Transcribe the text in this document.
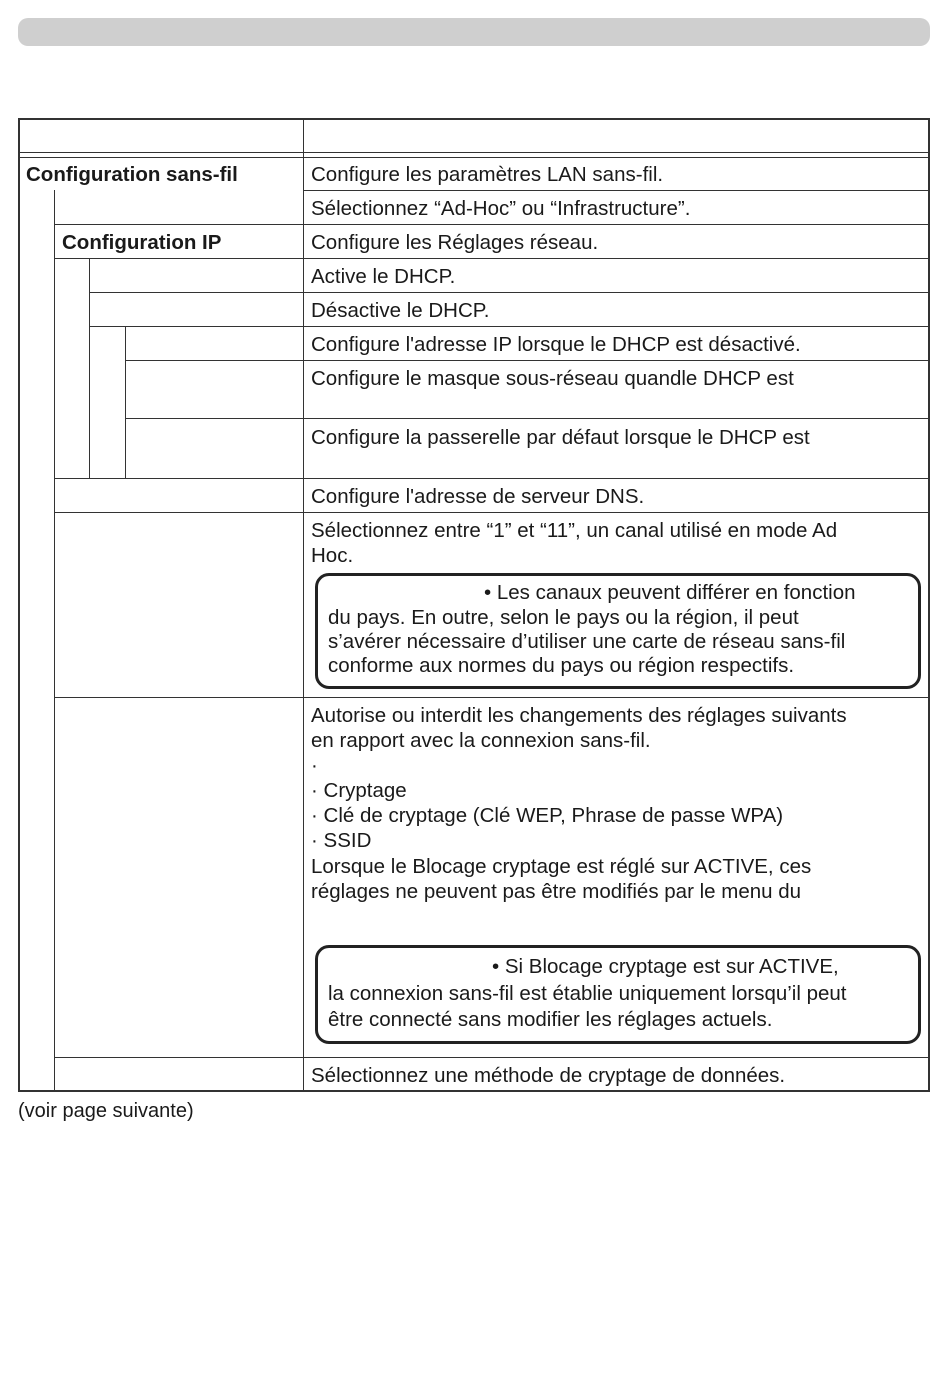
Configuration sans-fil
Configuration IP
Configure les paramètres LAN sans-fil.
Sélectionnez “Ad-Hoc” ou “Infrastructure”.
Configure les Réglages réseau.
Active le DHCP.
Désactive le DHCP.
Configure l'adresse IP lorsque le DHCP est désactivé.
Configure le masque sous-réseau quandle DHCP est
Configure la passerelle par défaut lorsque le DHCP est
Configure l'adresse de serveur DNS.
Sélectionnez entre “1” et “11”, un canal utilisé en mode Ad
Hoc.
• Les canaux peuvent différer en fonction
du pays. En outre, selon le pays ou la région, il peut
s’avérer nécessaire d’utiliser une carte de réseau sans-fil
conforme aux normes du pays ou région respectifs.
Autorise ou interdit les changements des réglages suivants
en rapport avec la connexion sans-fil.
·
· Cryptage
· Clé de cryptage (Clé WEP, Phrase de passe WPA)
· SSID
Lorsque le Blocage cryptage est réglé sur ACTIVE, ces
réglages ne peuvent pas être modifiés par le menu du
• Si Blocage cryptage est sur ACTIVE,
la connexion sans-fil est établie uniquement lorsqu’il peut
être connecté sans modifier les réglages actuels.
Sélectionnez une méthode de cryptage de données.
(voir page suivante)
